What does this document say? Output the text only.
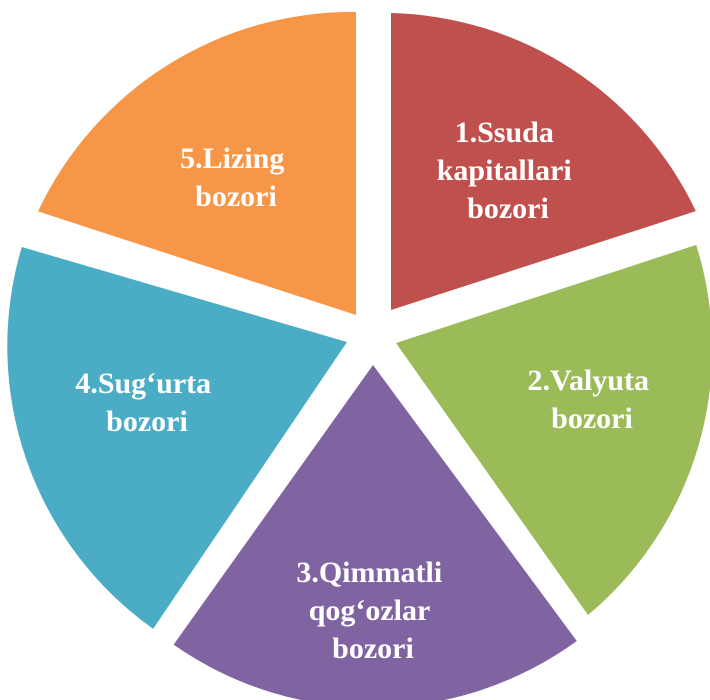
1.Ssuda kapitallari bozori
2.Valyuta bozori
3.Qimmatli qog‘ozlar bozori
4.Sug‘urta bozori
5.Lizing bozori
